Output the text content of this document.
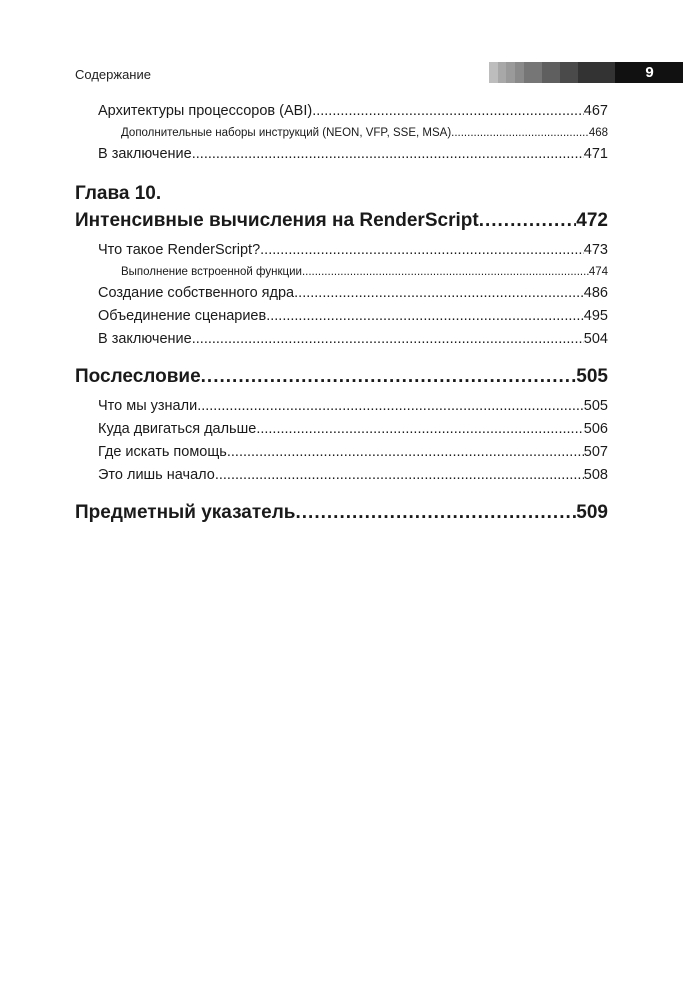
Содержание	9
Архитектуры процессоров (ABI) .....	467
Дополнительные наборы инструкций (NEON, VFP, SSE, MSA) .....	468
В заключение .....	471
Глава 10.
Интенсивные вычисления на RenderScript .....	472
Что такое RenderScript? .....	473
Выполнение встроенной функции .....	474
Создание собственного ядра .....	486
Объединение сценариев .....	495
В заключение .....	504
Послесловие .....	505
Что мы узнали .....	505
Куда двигаться дальше .....	506
Где искать помощь .....	507
Это лишь начало .....	508
Предметный указатель .....	509
